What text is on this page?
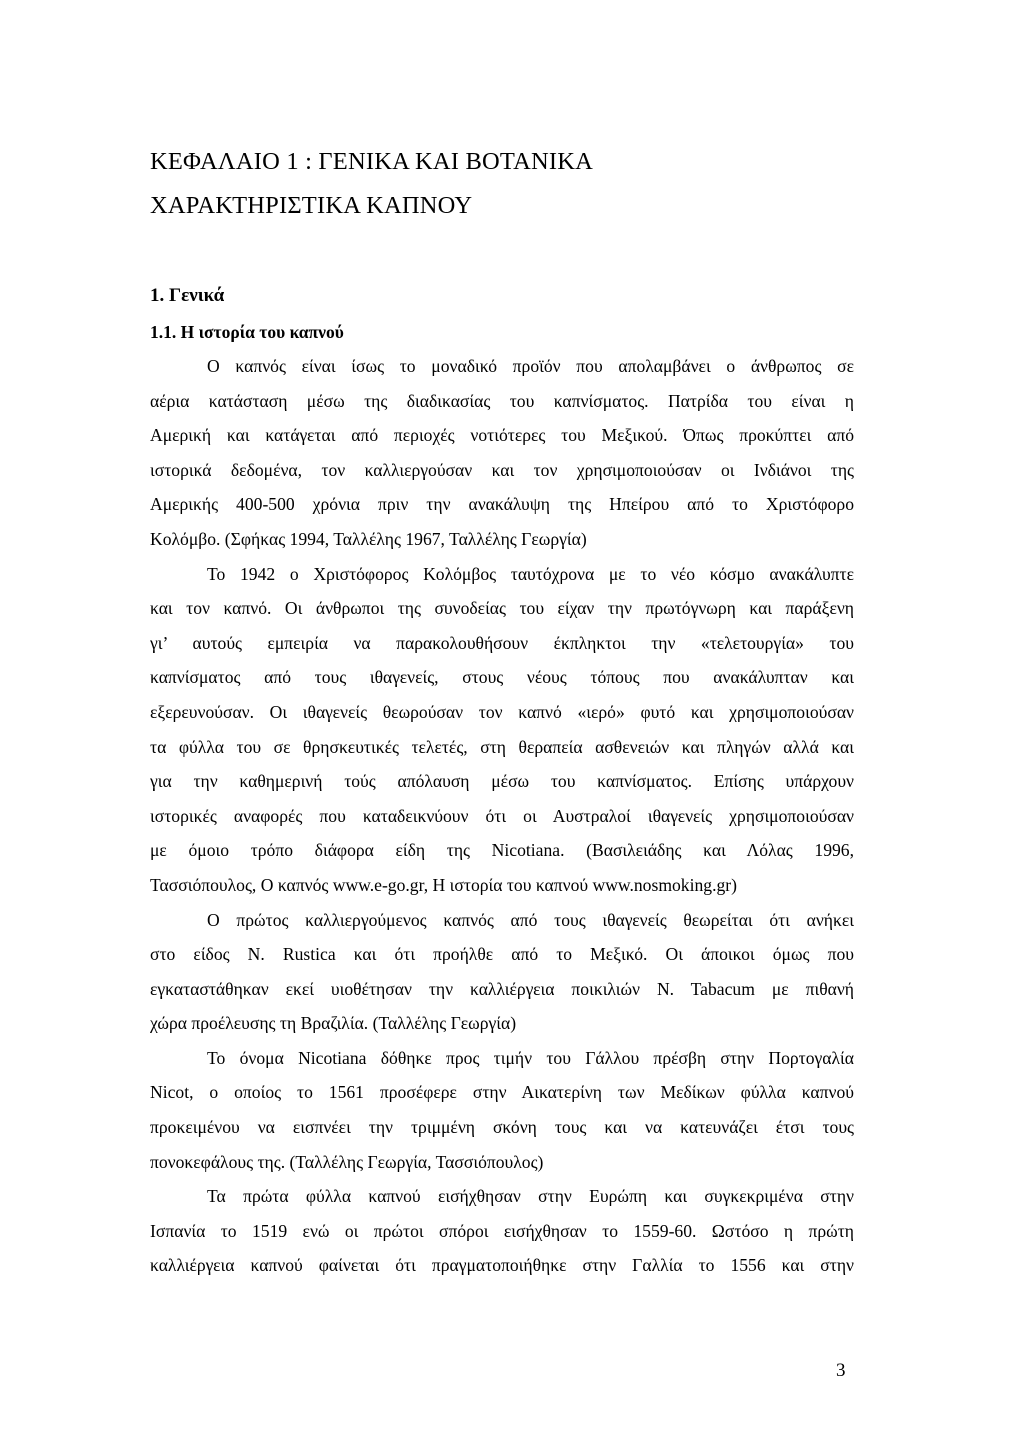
ΚΕΦΑΛΑΙΟ 1 : ΓΕΝΙΚΑ ΚΑΙ ΒΟΤΑΝΙΚΑ
ΧΑΡΑΚΤΗΡΙΣΤΙΚΑ ΚΑΠΝΟΥ
1. Γενικά
1.1. Η ιστορία του καπνού

Ο καπνός είναι ίσως το μοναδικό προϊόν που απολαμβάνει ο άνθρωπος σε
αέρια κατάσταση μέσω της διαδικασίας του καπνίσματος. Πατρίδα του είναι η
Αμερική και κατάγεται από περιοχές νοτιότερες του Μεξικού. Όπως προκύπτει από
ιστορικά δεδομένα, τον καλλιεργούσαν και τον χρησιμοποιούσαν οι Ινδιάνοι της
Αμερικής 400-500 χρόνια πριν την ανακάλυψη της Ηπείρου από το Χριστόφορο
Κολόμβο. (Σφήκας 1994, Ταλλέλης 1967, Ταλλέλης Γεωργία)

Το 1942 ο Χριστόφορος Κολόμβος ταυτόχρονα με το νέο κόσμο ανακάλυπτε
και τον καπνό. Οι άνθρωποι της συνοδείας του είχαν την πρωτόγνωρη και παράξενη
γι’ αυτούς εμπειρία να παρακολουθήσουν έκπληκτοι την «τελετουργία» του
καπνίσματος από τους ιθαγενείς, στους νέους τόπους που ανακάλυπταν και
εξερευνούσαν. Οι ιθαγενείς θεωρούσαν τον καπνό «ιερό» φυτό και χρησιμοποιούσαν
τα φύλλα του σε θρησκευτικές τελετές, στη θεραπεία ασθενειών και πληγών αλλά και
για την καθημερινή τούς απόλαυση μέσω του καπνίσματος. Επίσης υπάρχουν
ιστορικές αναφορές που καταδεικνύουν ότι οι Αυστραλοί ιθαγενείς χρησιμοποιούσαν
με όμοιο τρόπο διάφορα είδη της Nicotiana. (Βασιλειάδης και Λόλας 1996,
Τασσιόπουλος, Ο καπνός www.e-go.gr, Η ιστορία του καπνού www.nosmoking.gr)

Ο πρώτος καλλιεργούμενος καπνός από τους ιθαγενείς θεωρείται ότι ανήκει
στο είδος N. Rustica και ότι προήλθε από το Μεξικό. Οι άποικοι όμως που
εγκαταστάθηκαν εκεί υιοθέτησαν την καλλιέργεια ποικιλιών N. Tabacum με πιθανή
χώρα προέλευσης τη Βραζιλία. (Ταλλέλης Γεωργία)

Το όνομα Nicotiana δόθηκε προς τιμήν του Γάλλου πρέσβη στην Πορτογαλία
Nicot, ο οποίος το 1561 προσέφερε στην Αικατερίνη των Μεδίκων φύλλα καπνού
προκειμένου να εισπνέει την τριμμένη σκόνη τους και να κατευνάζει έτσι τους
πονοκεφάλους της. (Ταλλέλης Γεωργία, Τασσιόπουλος)

Τα πρώτα φύλλα καπνού εισήχθησαν στην Ευρώπη και συγκεκριμένα στην
Ισπανία το 1519 ενώ οι πρώτοι σπόροι εισήχθησαν το 1559-60. Ωστόσο η πρώτη
καλλιέργεια καπνού φαίνεται ότι πραγματοποιήθηκε στην Γαλλία το 1556 και στην

3
